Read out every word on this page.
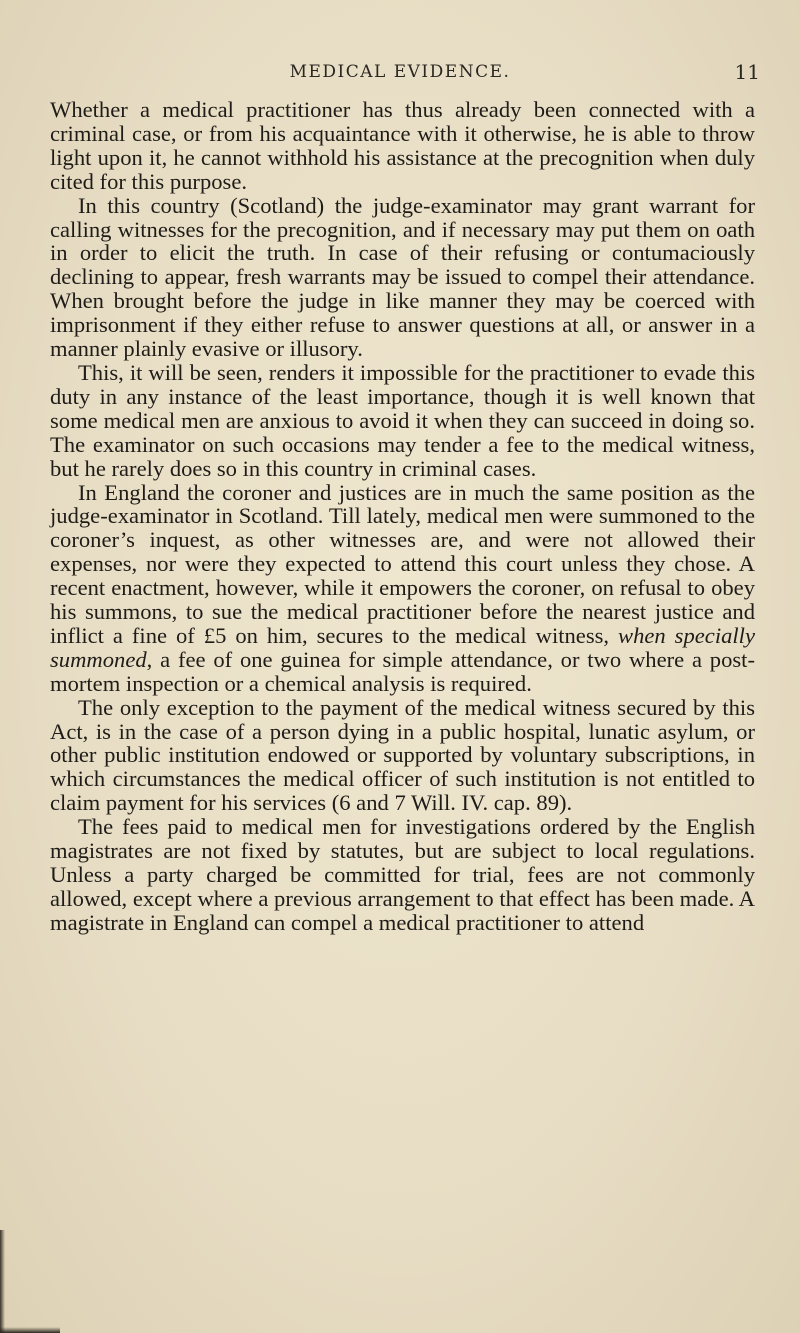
MEDICAL EVIDENCE.	11

Whether a medical practitioner has thus already been connected with a criminal case, or from his acquaintance with it otherwise, he is able to throw light upon it, he cannot withhold his assistance at the precognition when duly cited for this purpose.

In this country (Scotland) the judge-examinator may grant warrant for calling witnesses for the precognition, and if necessary may put them on oath in order to elicit the truth. In case of their refusing or contumaciously declining to appear, fresh warrants may be issued to compel their attendance. When brought before the judge in like manner they may be coerced with imprisonment if they either refuse to answer questions at all, or answer in a manner plainly evasive or illusory.

This, it will be seen, renders it impossible for the practitioner to evade this duty in any instance of the least importance, though it is well known that some medical men are anxious to avoid it when they can succeed in doing so. The examinator on such occasions may tender a fee to the medical witness, but he rarely does so in this country in criminal cases.

In England the coroner and justices are in much the same position as the judge-examinator in Scotland. Till lately, medical men were summoned to the coroner’s inquest, as other witnesses are, and were not allowed their expenses, nor were they expected to attend this court unless they chose. A recent enactment, however, while it empowers the coroner, on refusal to obey his summons, to sue the medical practitioner before the nearest justice and inflict a fine of £5 on him, secures to the medical witness, when specially summoned, a fee of one guinea for simple attendance, or two where a post-mortem inspection or a chemical analysis is required.

The only exception to the payment of the medical witness secured by this Act, is in the case of a person dying in a public hospital, lunatic asylum, or other public institution endowed or supported by voluntary subscriptions, in which circumstances the medical officer of such institution is not entitled to claim payment for his services (6 and 7 Will. IV. cap. 89).

The fees paid to medical men for investigations ordered by the English magistrates are not fixed by statutes, but are subject to local regulations. Unless a party charged be committed for trial, fees are not commonly allowed, except where a previous arrangement to that effect has been made. A magistrate in England can compel a medical practitioner to attend
